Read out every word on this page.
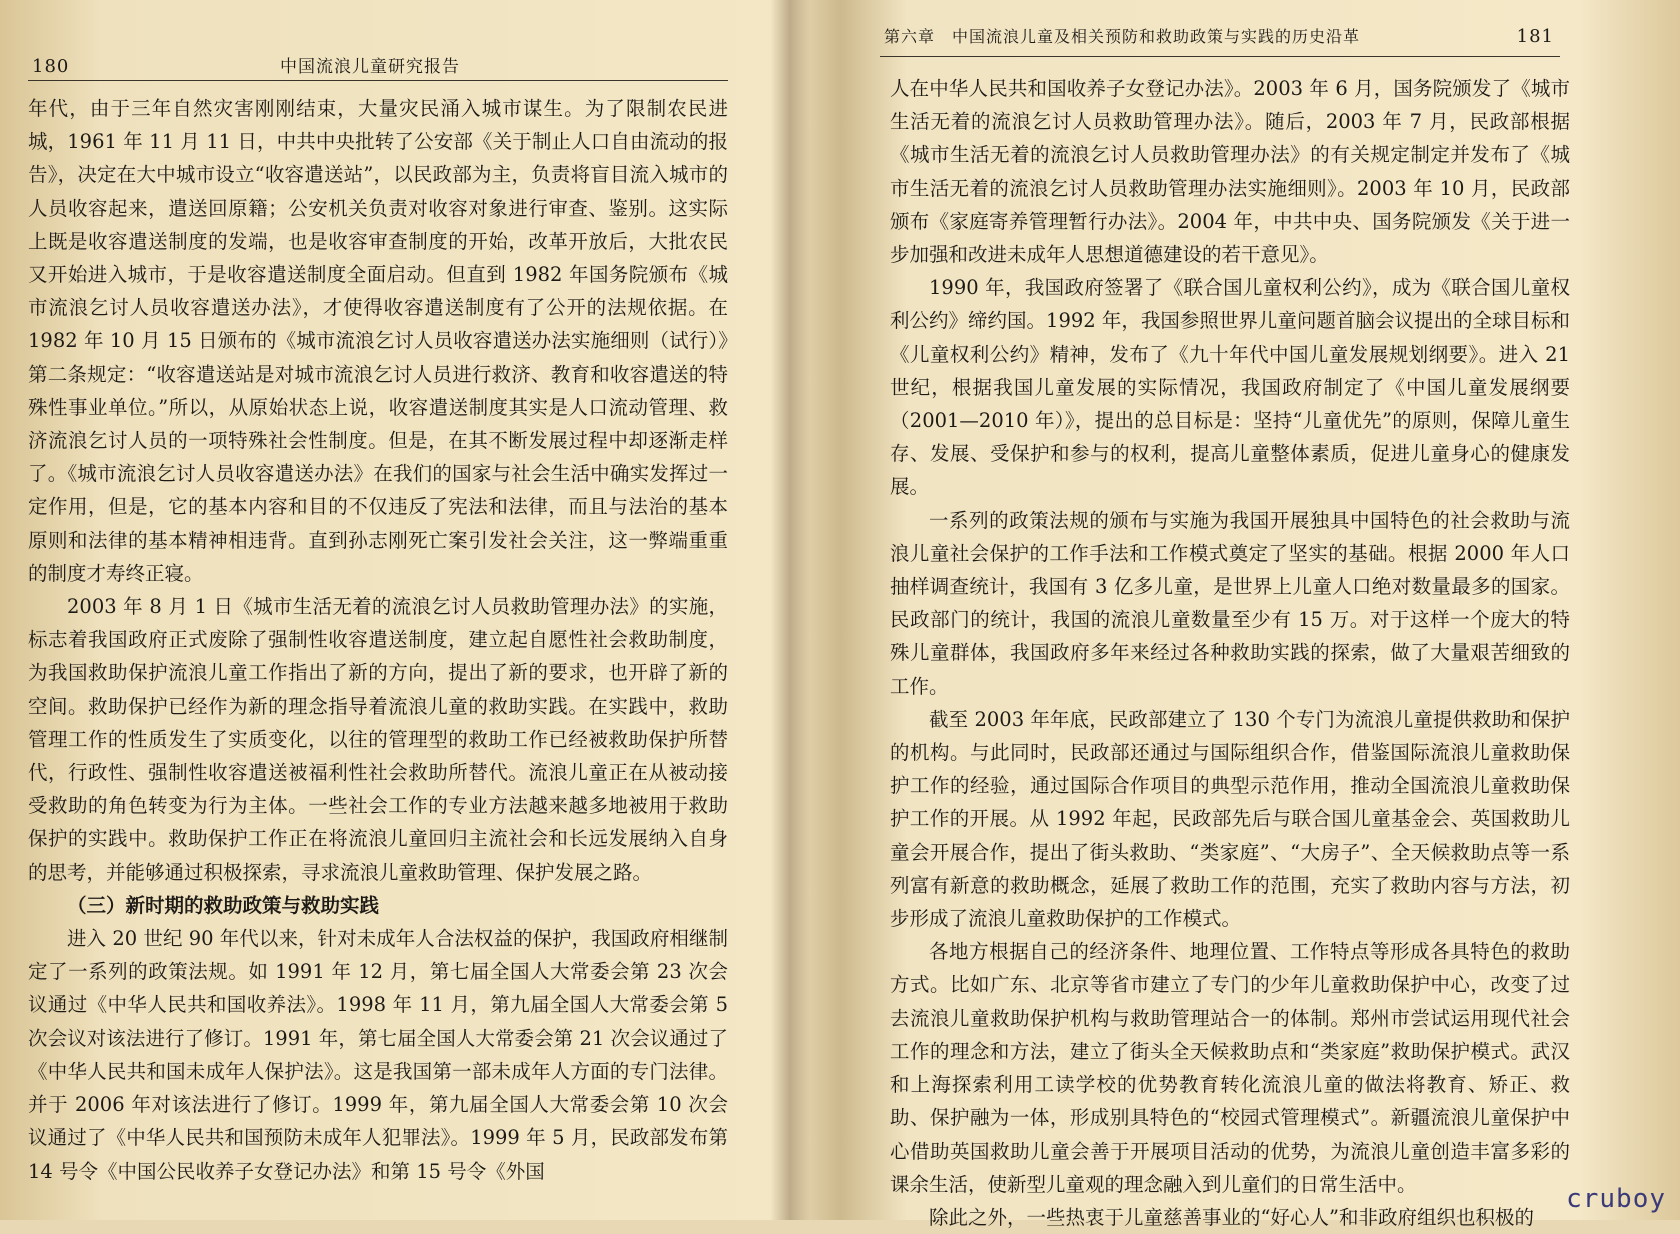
180	中国流浪儿童研究报告

年代，由于三年自然灾害刚刚结束，大量灾民涌入城市谋生。为了限制农民进城，1961 年 11 月 11 日，中共中央批转了公安部《关于制止人口自由流动的报告》，决定在大中城市设立“收容遣送站”，以民政部为主，负责将盲目流入城市的人员收容起来，遣送回原籍；公安机关负责对收容对象进行审查、鉴别。这实际上既是收容遣送制度的发端，也是收容审查制度的开始，改革开放后，大批农民又开始进入城市，于是收容遣送制度全面启动。但直到 1982 年国务院颁布《城市流浪乞讨人员收容遣送办法》，才使得收容遣送制度有了公开的法规依据。在 1982 年 10 月 15 日颁布的《城市流浪乞讨人员收容遣送办法实施细则（试行）》第二条规定：“收容遣送站是对城市流浪乞讨人员进行救济、教育和收容遣送的特殊性事业单位。”所以，从原始状态上说，收容遣送制度其实是人口流动管理、救济流浪乞讨人员的一项特殊社会性制度。但是，在其不断发展过程中却逐渐走样了。《城市流浪乞讨人员收容遣送办法》在我们的国家与社会生活中确实发挥过一定作用，但是，它的基本内容和目的不仅违反了宪法和法律，而且与法治的基本原则和法律的基本精神相违背。直到孙志刚死亡案引发社会关注，这一弊端重重的制度才寿终正寝。

2003 年 8 月 1 日《城市生活无着的流浪乞讨人员救助管理办法》的实施，标志着我国政府正式废除了强制性收容遣送制度，建立起自愿性社会救助制度，为我国救助保护流浪儿童工作指出了新的方向，提出了新的要求，也开辟了新的空间。救助保护已经作为新的理念指导着流浪儿童的救助实践。在实践中，救助管理工作的性质发生了实质变化，以往的管理型的救助工作已经被救助保护所替代，行政性、强制性收容遣送被福利性社会救助所替代。流浪儿童正在从被动接受救助的角色转变为行为主体。一些社会工作的专业方法越来越多地被用于救助保护的实践中。救助保护工作正在将流浪儿童回归主流社会和长远发展纳入自身的思考，并能够通过积极探索，寻求流浪儿童救助管理、保护发展之路。

（三）新时期的救助政策与救助实践

进入 20 世纪 90 年代以来，针对未成年人合法权益的保护，我国政府相继制定了一系列的政策法规。如 1991 年 12 月，第七届全国人大常委会第 23 次会议通过《中华人民共和国收养法》。1998 年 11 月，第九届全国人大常委会第 5 次会议对该法进行了修订。1991 年，第七届全国人大常委会第 21 次会议通过了《中华人民共和国未成年人保护法》。这是我国第一部未成年人方面的专门法律。并于 2006 年对该法进行了修订。1999 年，第九届全国人大常委会第 10 次会议通过了《中华人民共和国预防未成年人犯罪法》。1999 年 5 月，民政部发布第 14 号令《中国公民收养子女登记办法》和第 15 号令《外国

第六章　中国流浪儿童及相关预防和救助政策与实践的历史沿革	181

人在中华人民共和国收养子女登记办法》。2003 年 6 月，国务院颁发了《城市生活无着的流浪乞讨人员救助管理办法》。随后，2003 年 7 月，民政部根据《城市生活无着的流浪乞讨人员救助管理办法》的有关规定制定并发布了《城市生活无着的流浪乞讨人员救助管理办法实施细则》。2003 年 10 月，民政部颁布《家庭寄养管理暂行办法》。2004 年，中共中央、国务院颁发《关于进一步加强和改进未成年人思想道德建设的若干意见》。

1990 年，我国政府签署了《联合国儿童权利公约》，成为《联合国儿童权利公约》缔约国。1992 年，我国参照世界儿童问题首脑会议提出的全球目标和《儿童权利公约》精神，发布了《九十年代中国儿童发展规划纲要》。进入 21 世纪，根据我国儿童发展的实际情况，我国政府制定了《中国儿童发展纲要（2001—2010 年）》，提出的总目标是：坚持“儿童优先”的原则，保障儿童生存、发展、受保护和参与的权利，提高儿童整体素质，促进儿童身心的健康发展。

一系列的政策法规的颁布与实施为我国开展独具中国特色的社会救助与流浪儿童社会保护的工作手法和工作模式奠定了坚实的基础。根据 2000 年人口抽样调查统计，我国有 3 亿多儿童，是世界上儿童人口绝对数量最多的国家。民政部门的统计，我国的流浪儿童数量至少有 15 万。对于这样一个庞大的特殊儿童群体，我国政府多年来经过各种救助实践的探索，做了大量艰苦细致的工作。

截至 2003 年年底，民政部建立了 130 个专门为流浪儿童提供救助和保护的机构。与此同时，民政部还通过与国际组织合作，借鉴国际流浪儿童救助保护工作的经验，通过国际合作项目的典型示范作用，推动全国流浪儿童救助保护工作的开展。从 1992 年起，民政部先后与联合国儿童基金会、英国救助儿童会开展合作，提出了街头救助、“类家庭”、“大房子”、全天候救助点等一系列富有新意的救助概念，延展了救助工作的范围，充实了救助内容与方法，初步形成了流浪儿童救助保护的工作模式。

各地方根据自己的经济条件、地理位置、工作特点等形成各具特色的救助方式。比如广东、北京等省市建立了专门的少年儿童救助保护中心，改变了过去流浪儿童救助保护机构与救助管理站合一的体制。郑州市尝试运用现代社会工作的理念和方法，建立了街头全天候救助点和“类家庭”救助保护模式。武汉和上海探索利用工读学校的优势教育转化流浪儿童的做法将教育、矫正、救助、保护融为一体，形成别具特色的“校园式管理模式”。新疆流浪儿童保护中心借助英国救助儿童会善于开展项目活动的优势，为流浪儿童创造丰富多彩的课余生活，使新型儿童观的理念融入到儿童们的日常生活中。

除此之外，一些热衷于儿童慈善事业的“好心人”和非政府组织也积极的

cruboy
